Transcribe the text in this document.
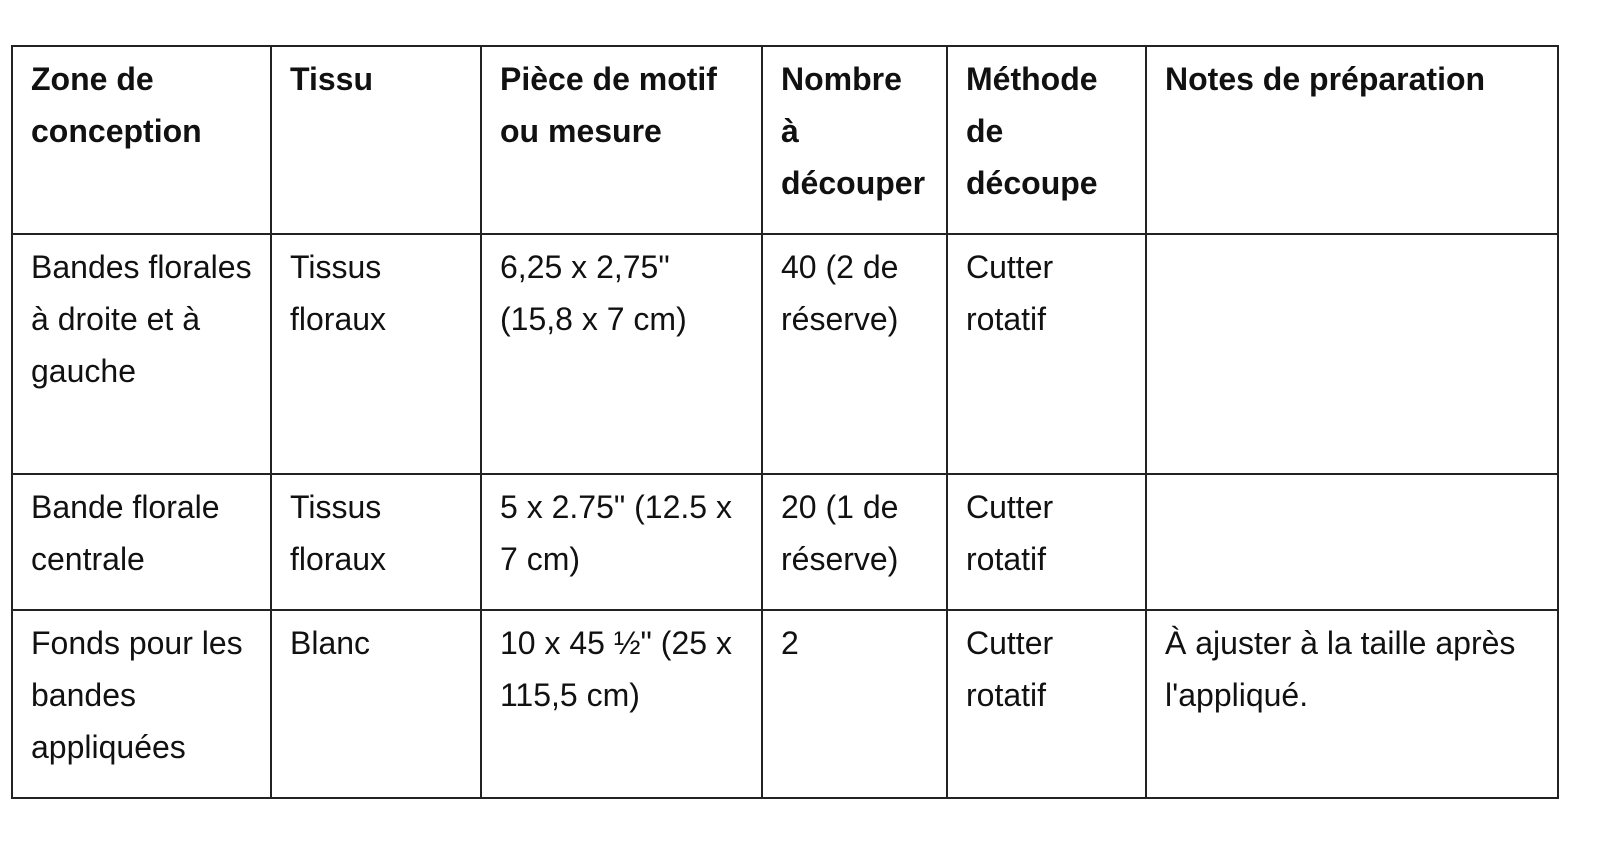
Zone de conception	Tissu	Pièce de motif ou mesure	Nombre à découper	Méthode de découpe	Notes de préparation
Bandes florales à droite et à gauche	Tissus floraux	6,25 x 2,75" (15,8 x 7 cm)	40 (2 de réserve)	Cutter rotatif	
Bande florale centrale	Tissus floraux	5 x 2.75" (12.5 x 7 cm)	20 (1 de réserve)	Cutter rotatif	
Fonds pour les bandes appliquées	Blanc	10 x 45 ½" (25 x 115,5 cm)	2	Cutter rotatif	À ajuster à la taille après l'appliqué.
